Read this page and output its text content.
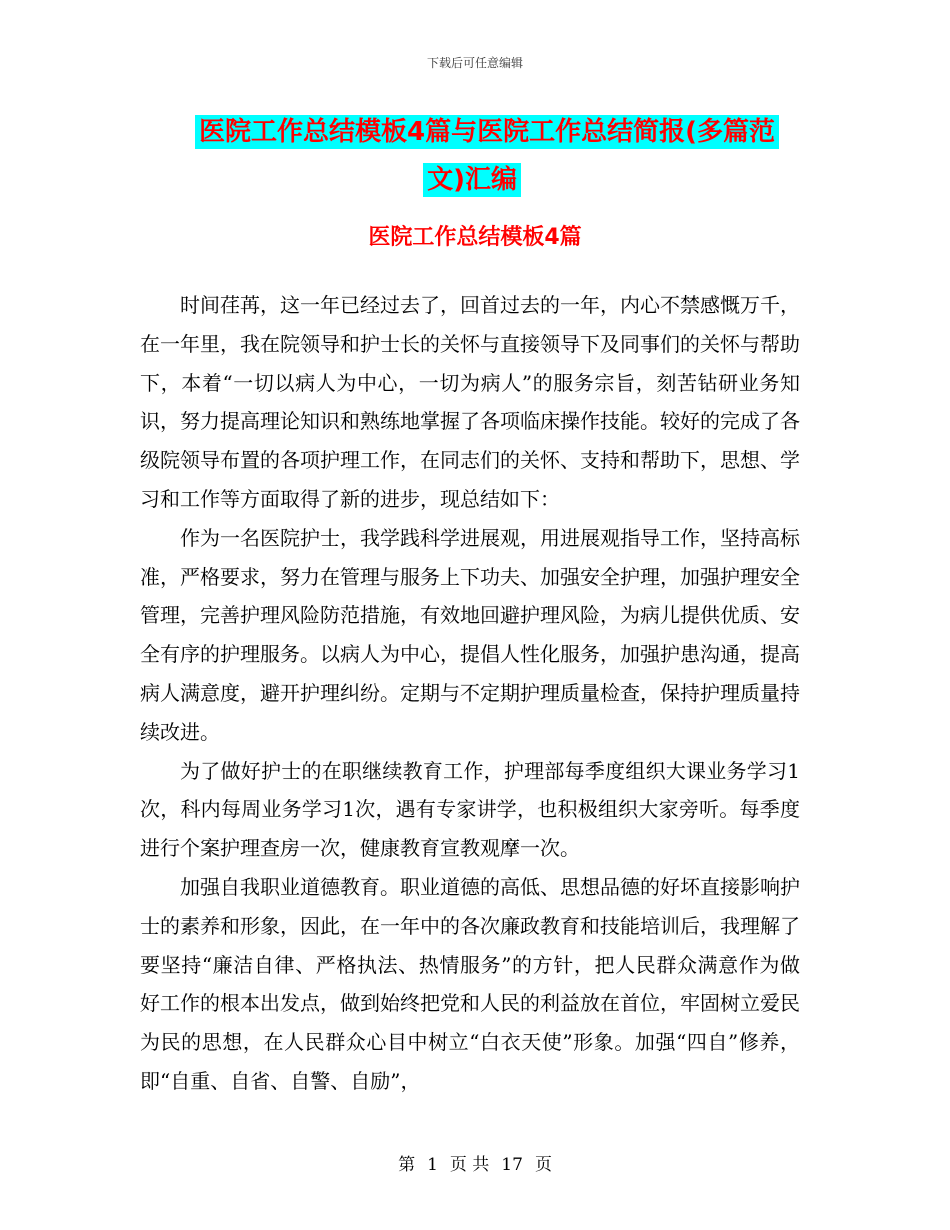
下载后可任意编辑
医院工作总结模板4篇与医院工作总结简报(多篇范
文)汇编
医院工作总结模板4篇

时间荏苒，这一年已经过去了，回首过去的一年，内心不禁感慨万千，在一年里，我在院领导和护士长的关怀与直接领导下及同事们的关怀与帮助下，本着“一切以病人为中心，一切为病人”的服务宗旨，刻苦钻研业务知识，努力提高理论知识和熟练地掌握了各项临床操作技能。较好的完成了各级院领导布置的各项护理工作，在同志们的关怀、支持和帮助下，思想、学习和工作等方面取得了新的进步，现总结如下：

作为一名医院护士，我学践科学进展观，用进展观指导工作，坚持高标准，严格要求，努力在管理与服务上下功夫、加强安全护理，加强护理安全管理，完善护理风险防范措施，有效地回避护理风险，为病儿提供优质、安全有序的护理服务。以病人为中心，提倡人性化服务，加强护患沟通，提高病人满意度，避开护理纠纷。定期与不定期护理质量检查，保持护理质量持续改进。

为了做好护士的在职继续教育工作，护理部每季度组织大课业务学习1次，科内每周业务学习1次，遇有专家讲学，也积极组织大家旁听。每季度进行个案护理查房一次，健康教育宣教观摩一次。

加强自我职业道德教育。职业道德的高低、思想品德的好坏直接影响护士的素养和形象，因此，在一年中的各次廉政教育和技能培训后，我理解了要坚持“廉洁自律、严格执法、热情服务”的方针，把人民群众满意作为做好工作的根本出发点，做到始终把党和人民的利益放在首位，牢固树立爱民为民的思想，在人民群众心目中树立“白衣天使”形象。加强“四自”修养，即“自重、自省、自警、自励”，

第 1 页 共 17 页
